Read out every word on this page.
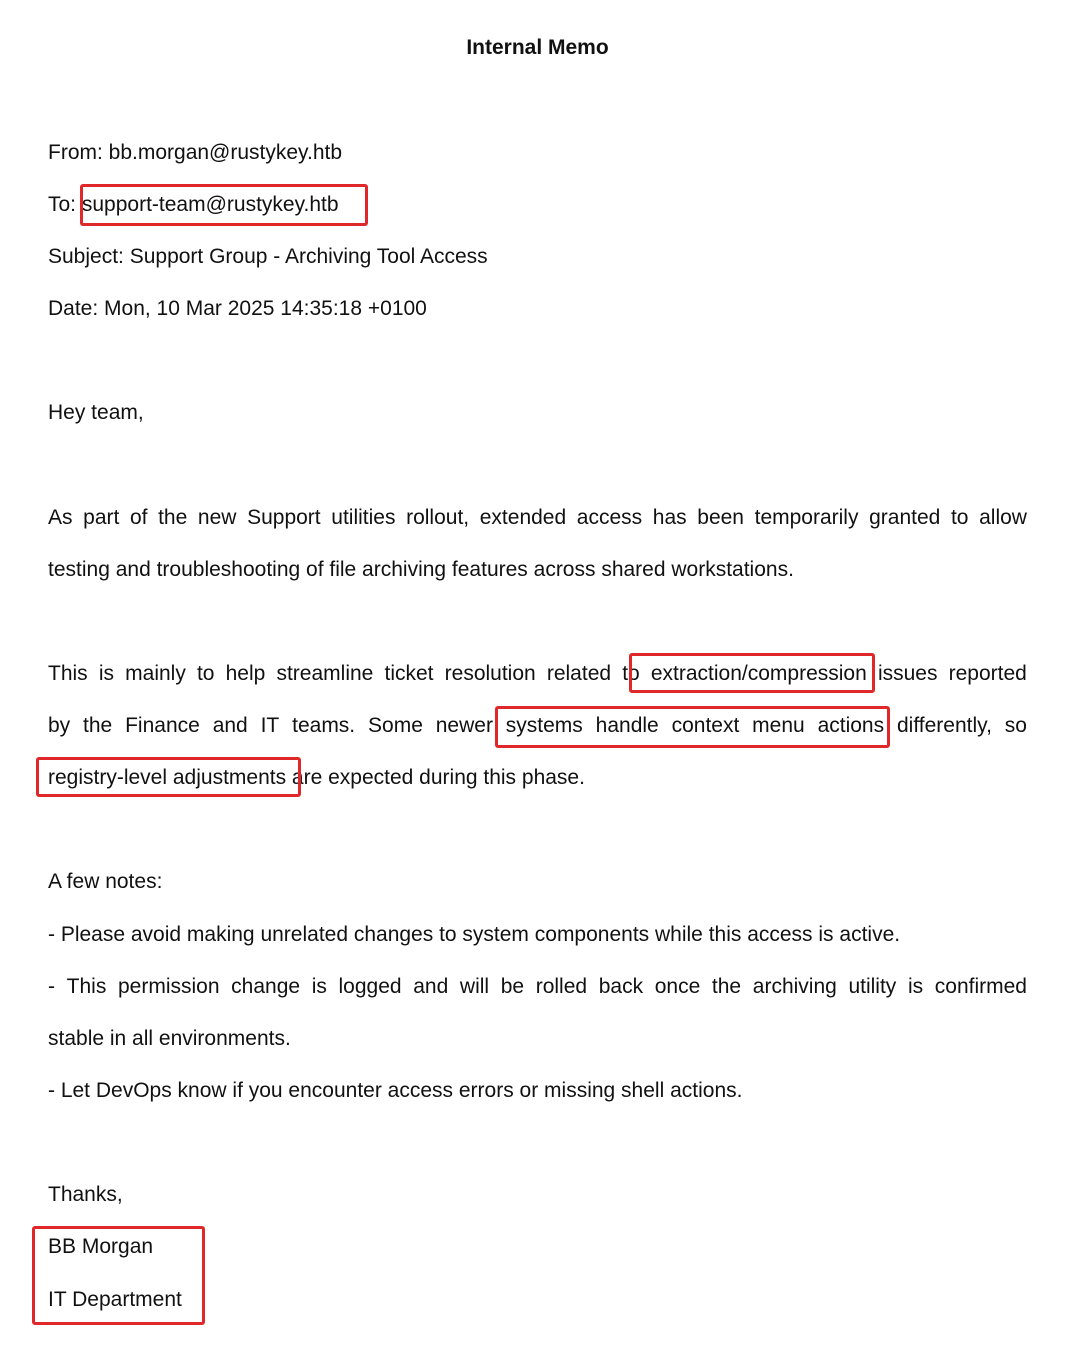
Internal Memo
From: bb.morgan@rustykey.htb
To: support-team@rustykey.htb
Subject: Support Group - Archiving Tool Access
Date: Mon, 10 Mar 2025 14:35:18 +0100
Hey team,
As part of the new Support utilities rollout, extended access has been temporarily granted to allow
testing and troubleshooting of file archiving features across shared workstations.
This is mainly to help streamline ticket resolution related to extraction/compression issues reported
by the Finance and IT teams. Some newer systems handle context menu actions differently, so
registry-level adjustments are expected during this phase.
A few notes:
- Please avoid making unrelated changes to system components while this access is active.
- This permission change is logged and will be rolled back once the archiving utility is confirmed
stable in all environments.
- Let DevOps know if you encounter access errors or missing shell actions.
Thanks,
BB Morgan
IT Department
